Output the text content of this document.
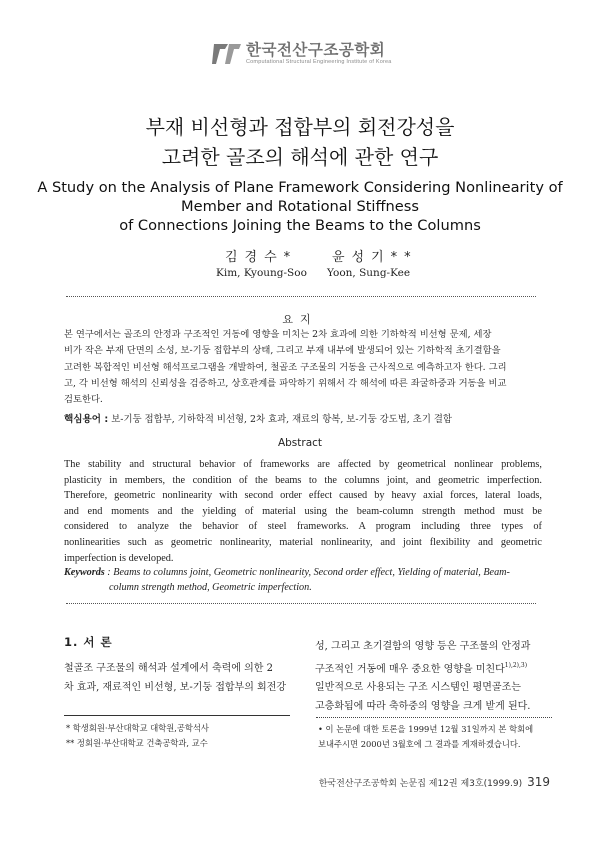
한국전산구조공학회
Computational Structural Engineering Institute of Korea
부재 비선형과 접합부의 회전강성을
고려한 골조의 해석에 관한 연구
A Study on the Analysis of Plane Framework Considering Nonlinearity of
Member and Rotational Stiffness
of Connections Joining the Beams to the Columns
김경수*	윤성기**
Kim, Kyoung-Soo Yoon, Sung-Kee
요지
본 연구에서는 골조의 안정과 구조적인 거동에 영향을 미치는 2차 효과에 의한 기하학적 비선형 문제, 세장
비가 작은 부재 단면의 소성, 보-기둥 접합부의 상태, 그리고 부재 내부에 발생되어 있는 기하학적 초기결함을
고려한 복합적인 비선형 해석프로그램을 개발하여, 철골조 구조물의 거동을 근사적으로 예측하고자 한다. 그리
고, 각 비선형 해석의 신뢰성을 검증하고, 상호관계를 파악하기 위해서 각 해석에 따른 좌굴하중과 거동을 비교
검토한다.
핵심용어 : 보-기둥 접합부, 기하학적 비선형, 2차 효과, 재료의 항복, 보-기둥 강도법, 초기 결함
Abstract
The stability and structural behavior of frameworks are affected by geometrical nonlinear problems,
plasticity in members, the condition of the beams to the columns joint, and geometric imperfection.
Therefore, geometric nonlinearity with second order effect caused by heavy axial forces, lateral loads,
and end moments and the yielding of material using the beam-column strength method must be
considered to analyze the behavior of steel frameworks. A program including three types of
nonlinearities such as geometric nonlinearity, material nonlinearity, and joint flexibility and geometric
imperfection is developed.
Keywords : Beams to columns joint, Geometric nonlinearity, Second order effect, Yielding of material, Beam-
column strength method, Geometric imperfection.
1. 서 론
철골조 구조물의 해석과 설계에서 축력에 의한 2
차 효과, 재료적인 비선형, 보-기둥 접합부의 회전강
성, 그리고 초기결함의 영향 등은 구조물의 안정과
구조적인 거동에 매우 중요한 영향을 미친다$^{1),2),3)}$
일반적으로 사용되는 구조 시스템인 평면골조는
고층화됨에 따라 축하중의 영향을 크게 받게 된다.
* 학생회원·부산대학교 대학원,공학석사
** 정회원·부산대학교 건축공학과, 교수
• 이 논문에 대한 토론을 1999년 12월 31일까지 본 학회에
보내주시면 2000년 3월호에 그 결과를 게재하겠습니다.
한국전산구조공학회 논문집 제12권 제3호(1999.9) 319
